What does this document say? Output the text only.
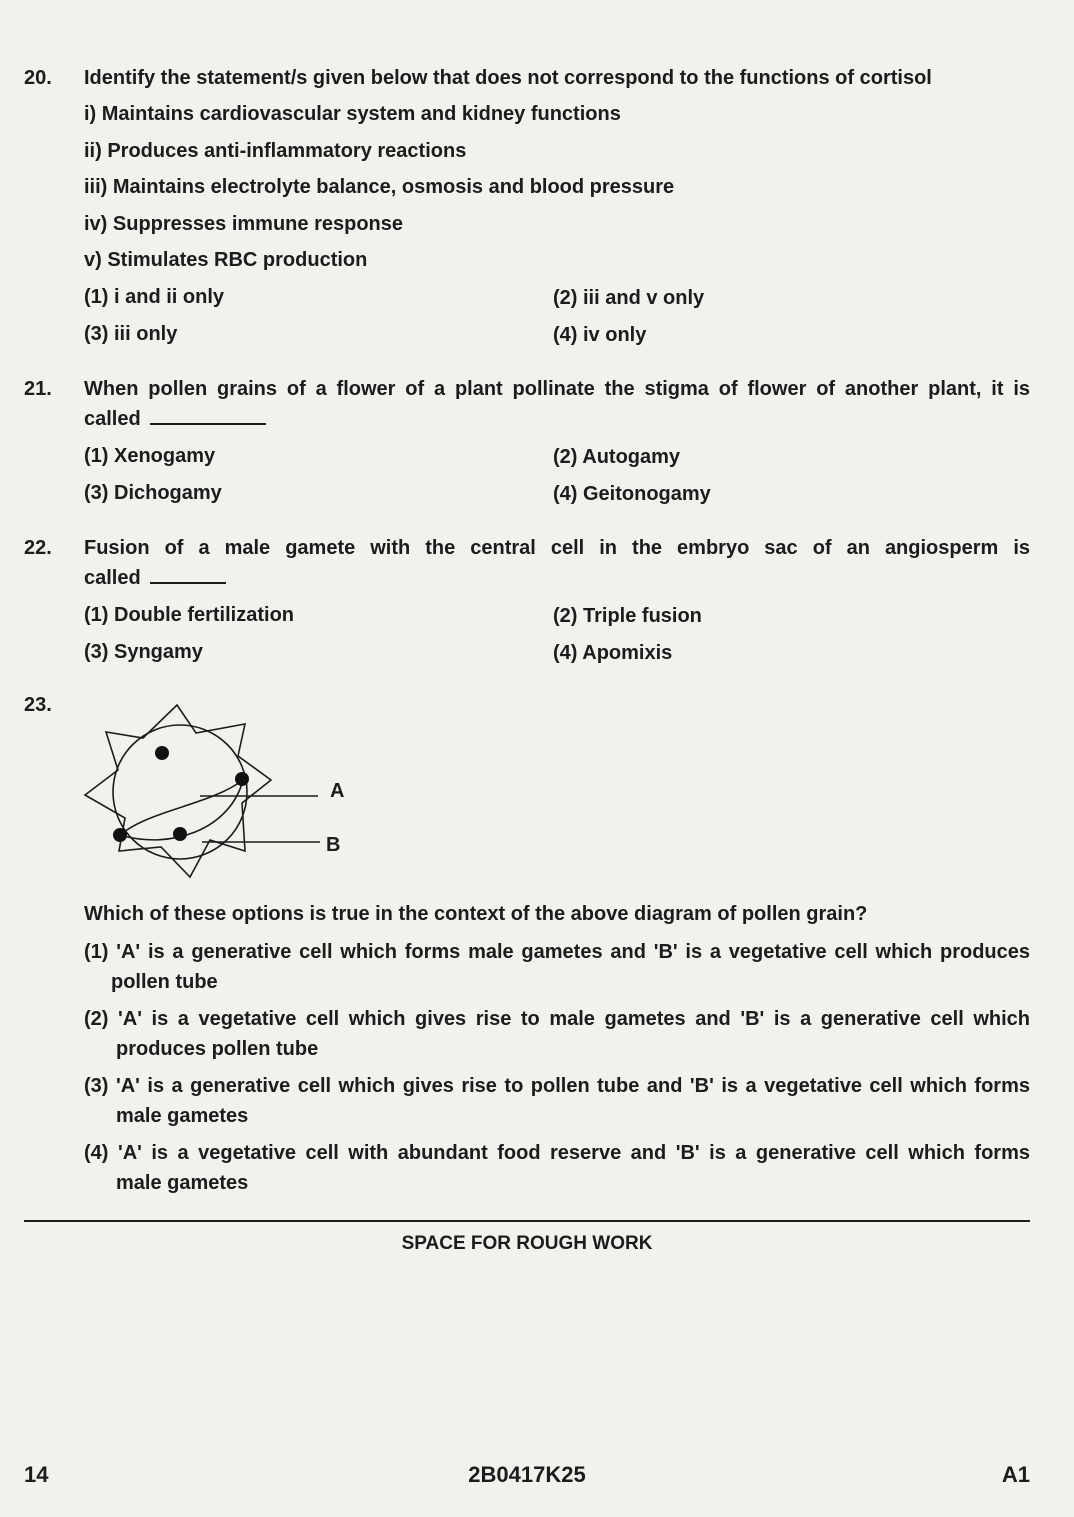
20. Identify the statement/s given below that does not correspond to the functions of cortisol
i) Maintains cardiovascular system and kidney functions
ii) Produces anti-inflammatory reactions
iii) Maintains electrolyte balance, osmosis and blood pressure
iv) Suppresses immune response
v) Stimulates RBC production
(1) i and ii only	(2) iii and v only
(3) iii only	(4) iv only
21. When pollen grains of a flower of a plant pollinate the stigma of flower of another plant, it is
called
(1) Xenogamy	(2) Autogamy
(3) Dichogamy	(4) Geitonogamy
22. Fusion of a male gamete with the central cell in the embryo sac of an angiosperm is
called
(1) Double fertilization	(2) Triple fusion
(3) Syngamy	(4) Apomixis
23.
A
B
Which of these options is true in the context of the above diagram of pollen grain?
(1) 'A' is a generative cell which forms male gametes and 'B' is a vegetative cell which produces
pollen tube
(2) 'A' is a vegetative cell which gives rise to male gametes and 'B' is a generative cell which
produces pollen tube
(3) 'A' is a generative cell which gives rise to pollen tube and 'B' is a vegetative cell which forms
male gametes
(4) 'A' is a vegetative cell with abundant food reserve and 'B' is a generative cell which forms
male gametes
SPACE FOR ROUGH WORK
14	2B0417K25	A1
